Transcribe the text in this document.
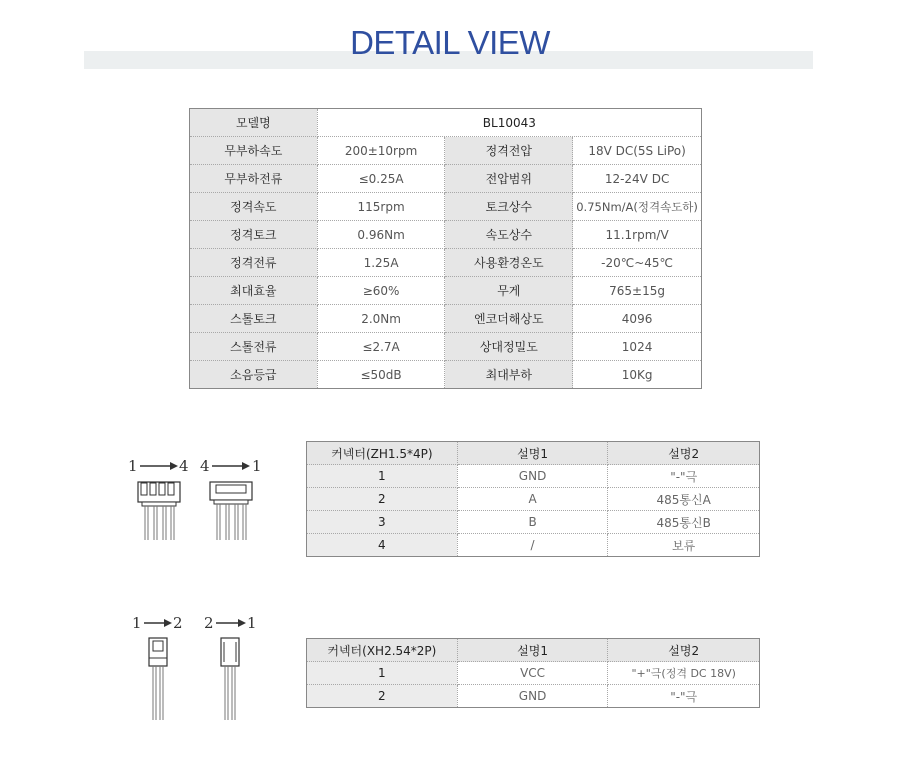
DETAIL VIEW
모델명	BL10043		
무부하속도	200±10rpm	정격전압	18V DC(5S LiPo)
무부하전류	≤0.25A	전압범위	12-24V DC
정격속도	115rpm	토크상수	0.75Nm/A(정격속도하)
정격토크	0.96Nm	속도상수	11.1rpm/V
정격전류	1.25A	사용환경온도	-20℃~45℃
최대효율	≥60%	무게	765±15g
스톨토크	2.0Nm	엔코더해상도	4096
스톨전류	≤2.7A	상대정밀도	1024
소음등급	≤50dB	최대부하	10Kg
1	4 4	1
커넥터(ZH1.5*4P)	설명1	설명2
1	GND	"-"극
2	A	485통신A
3	B	485통신B
4	/	보류
1 2 2 1
커넥터(XH2.54*2P)	설명1	설명2
1	VCC	"+"극(정격 DC 18V)
2	GND	"-"극
